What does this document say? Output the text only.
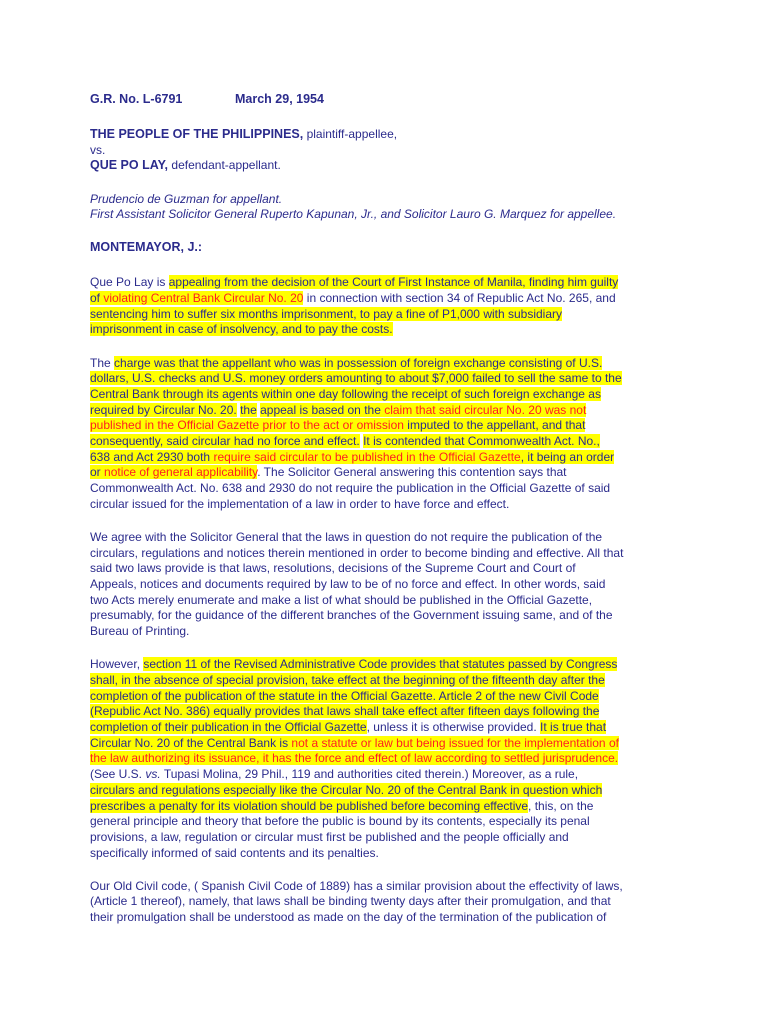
G.R. No. L-6791	March 29, 1954
THE PEOPLE OF THE PHILIPPINES, plaintiff-appellee,
vs.
QUE PO LAY, defendant-appellant.
Prudencio de Guzman for appellant.
First Assistant Solicitor General Ruperto Kapunan, Jr., and Solicitor Lauro G. Marquez for appellee.
MONTEMAYOR, J.:
Que Po Lay is appealing from the decision of the Court of First Instance of Manila, finding him guilty
of violating Central Bank Circular No. 20 in connection with section 34 of Republic Act No. 265, and
sentencing him to suffer six months imprisonment, to pay a fine of P1,000 with subsidiary
imprisonment in case of insolvency, and to pay the costs.
The charge was that the appellant who was in possession of foreign exchange consisting of U.S.
dollars, U.S. checks and U.S. money orders amounting to about $7,000 failed to sell the same to the
Central Bank through its agents within one day following the receipt of such foreign exchange as
required by Circular No. 20. the appeal is based on the claim that said circular No. 20 was not
published in the Official Gazette prior to the act or omission imputed to the appellant, and that
consequently, said circular had no force and effect. It is contended that Commonwealth Act. No.,
638 and Act 2930 both require said circular to be published in the Official Gazette, it being an order
or notice of general applicability. The Solicitor General answering this contention says that
Commonwealth Act. No. 638 and 2930 do not require the publication in the Official Gazette of said
circular issued for the implementation of a law in order to have force and effect.
We agree with the Solicitor General that the laws in question do not require the publication of the
circulars, regulations and notices therein mentioned in order to become binding and effective. All that
said two laws provide is that laws, resolutions, decisions of the Supreme Court and Court of
Appeals, notices and documents required by law to be of no force and effect. In other words, said
two Acts merely enumerate and make a list of what should be published in the Official Gazette,
presumably, for the guidance of the different branches of the Government issuing same, and of the
Bureau of Printing.
However, section 11 of the Revised Administrative Code provides that statutes passed by Congress
shall, in the absence of special provision, take effect at the beginning of the fifteenth day after the
completion of the publication of the statute in the Official Gazette. Article 2 of the new Civil Code
(Republic Act No. 386) equally provides that laws shall take effect after fifteen days following the
completion of their publication in the Official Gazette, unless it is otherwise provided. It is true that
Circular No. 20 of the Central Bank is not a statute or law but being issued for the implementation of
the law authorizing its issuance, it has the force and effect of law according to settled jurisprudence.
(See U.S. vs. Tupasi Molina, 29 Phil., 119 and authorities cited therein.) Moreover, as a rule,
circulars and regulations especially like the Circular No. 20 of the Central Bank in question which
prescribes a penalty for its violation should be published before becoming effective, this, on the
general principle and theory that before the public is bound by its contents, especially its penal
provisions, a law, regulation or circular must first be published and the people officially and
specifically informed of said contents and its penalties.
Our Old Civil code, ( Spanish Civil Code of 1889) has a similar provision about the effectivity of laws,
(Article 1 thereof), namely, that laws shall be binding twenty days after their promulgation, and that
their promulgation shall be understood as made on the day of the termination of the publication of
